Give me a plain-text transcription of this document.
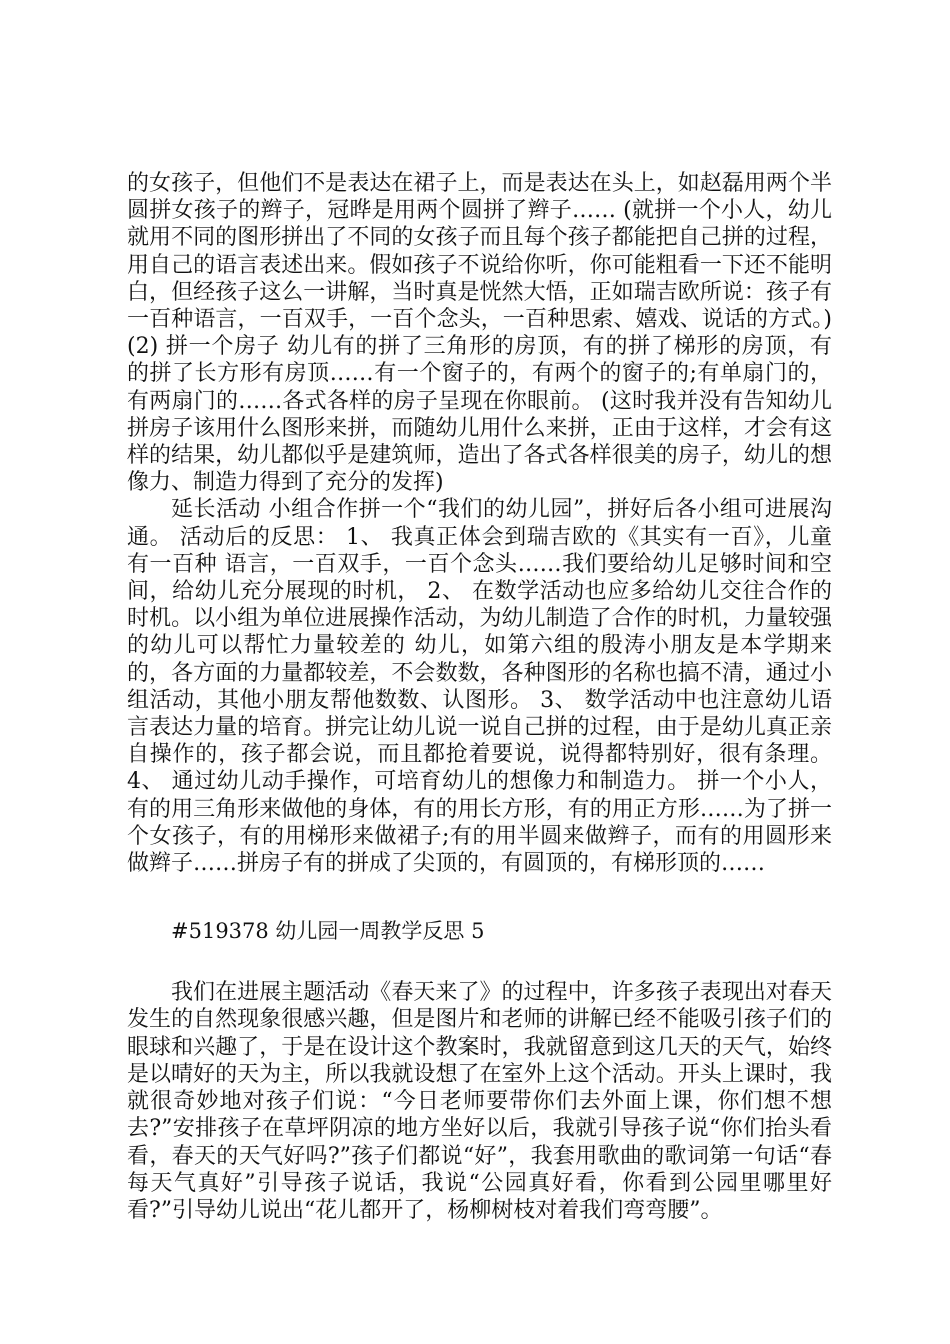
的女孩子，但他们不是表达在裙子上，而是表达在头上，如赵磊用两个半圆拼女孩子的辫子，冠晔是用两个圆拼了辫子…… (就拼一个小人，幼儿就用不同的图形拼出了不同的女孩子而且每个孩子都能把自己拼的过程，用自己的语言表述出来。假如孩子不说给你听，你可能粗看一下还不能明白，但经孩子这么一讲解，当时真是恍然大悟，正如瑞吉欧所说：孩子有一百种语言，一百双手，一百个念头，一百种思索、嬉戏、说话的方式。) (2) 拼一个房子 幼儿有的拼了三角形的房顶，有的拼了梯形的房顶，有的拼了长方形有房顶……有一个窗子的，有两个的窗子的;有单扇门的，有两扇门的……各式各样的房子呈现在你眼前。 (这时我并没有告知幼儿拼房子该用什么图形来拼，而随幼儿用什么来拼，正由于这样，才会有这样的结果，幼儿都似乎是建筑师，造出了各式各样很美的房子，幼儿的想像力、制造力得到了充分的发挥)

延长活动 小组合作拼一个“我们的幼儿园”，拼好后各小组可进展沟通。 活动后的反思： 1、 我真正体会到瑞吉欧的《其实有一百》，儿童有一百种 语言，一百双手，一百个念头……我们要给幼儿足够时间和空间，给幼儿充分展现的时机， 2、 在数学活动也应多给幼儿交往合作的时机。以小组为单位进展操作活动，为幼儿制造了合作的时机，力量较强的幼儿可以帮忙力量较差的 幼儿，如第六组的殷涛小朋友是本学期来的，各方面的力量都较差，不会数数，各种图形的名称也搞不清，通过小组活动，其他小朋友帮他数数、认图形。 3、 数学活动中也注意幼儿语言表达力量的培育。拼完让幼儿说一说自己拼的过程，由于是幼儿真正亲自操作的，孩子都会说，而且都抢着要说，说得都特别好，很有条理。 4、 通过幼儿动手操作，可培育幼儿的想像力和制造力。 拼一个小人，有的用三角形来做他的身体，有的用长方形，有的用正方形……为了拼一个女孩子，有的用梯形来做裙子;有的用半圆来做辫子，而有的用圆形来做辫子……拼房子有的拼成了尖顶的，有圆顶的，有梯形顶的……

#519378 幼儿园一周教学反思 5

我们在进展主题活动《春天来了》的过程中，许多孩子表现出对春天发生的自然现象很感兴趣，但是图片和老师的讲解已经不能吸引孩子们的眼球和兴趣了，于是在设计这个教案时，我就留意到这几天的天气，始终是以晴好的天为主，所以我就设想了在室外上这个活动。开头上课时，我就很奇妙地对孩子们说：“今日老师要带你们去外面上课，你们想不想去?”安排孩子在草坪阴凉的地方坐好以后，我就引导孩子说“你们抬头看看，春天的天气好吗?”孩子们都说“好”，我套用歌曲的歌词第一句话“春每天气真好”引导孩子说话，我说“公园真好看，你看到公园里哪里好看?”引导幼儿说出“花儿都开了，杨柳树枝对着我们弯弯腰”。
